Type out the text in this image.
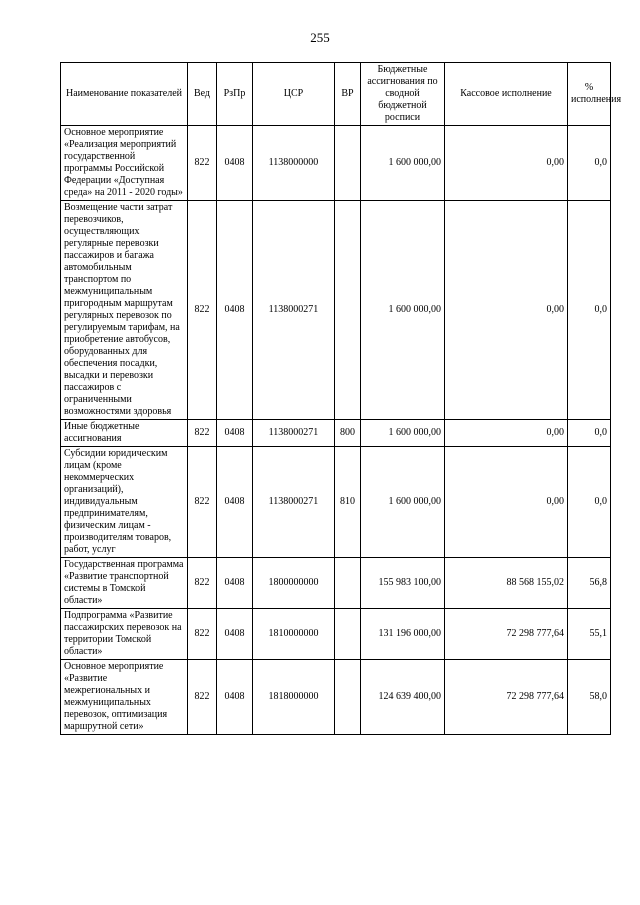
255
Наименование показателей	Вед	РзПр	ЦСР	ВР	Бюджетные ассигнования по сводной бюджетной росписи	Кассовое исполнение	% исполнения
Основное мероприятие «Реализация мероприятий государственной программы Российской Федерации «Доступная среда» на 2011 - 2020 годы»	822	0408	1138000000		1 600 000,00	0,00	0,0
Возмещение части затрат перевозчиков, осуществляющих регулярные перевозки пассажиров и багажа автомобильным транспортом по межмуниципальным пригородным маршрутам регулярных перевозок по регулируемым тарифам, на приобретение автобусов, оборудованных для обеспечения посадки, высадки и перевозки пассажиров с ограниченными возможностями здоровья	822	0408	1138000271		1 600 000,00	0,00	0,0
Иные бюджетные ассигнования	822	0408	1138000271	800	1 600 000,00	0,00	0,0
Субсидии юридическим лицам (кроме некоммерческих организаций), индивидуальным предпринимателям, физическим лицам - производителям товаров, работ, услуг	822	0408	1138000271	810	1 600 000,00	0,00	0,0
Государственная программа «Развитие транспортной системы в Томской области»	822	0408	1800000000		155 983 100,00	88 568 155,02	56,8
Подпрограмма «Развитие пассажирских перевозок на территории Томской области»	822	0408	1810000000		131 196 000,00	72 298 777,64	55,1
Основное мероприятие «Развитие межрегиональных и межмуниципальных перевозок, оптимизация маршрутной сети»	822	0408	1818000000		124 639 400,00	72 298 777,64	58,0
